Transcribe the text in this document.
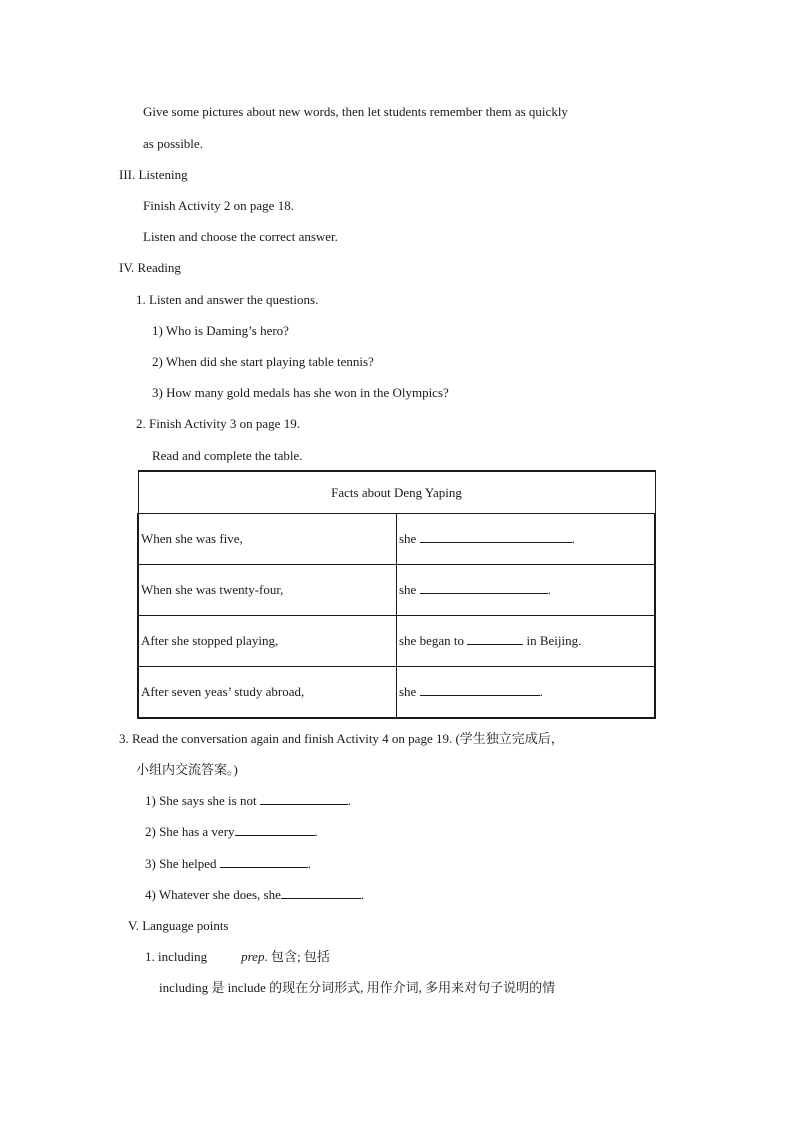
Give some pictures about new words, then let students remember them as quickly
as possible.
III. Listening
Finish Activity 2 on page 18.
Listen and choose the correct answer.
IV. Reading
1. Listen and answer the questions.
1) Who is Daming’s hero?
2) When did she start playing table tennis?
3) How many gold medals has she won in the Olympics?
2. Finish Activity 3 on page 19.
Read and complete the table.
Facts about Deng Yaping	
When she was five,	she .
When she was twenty-four,	she .
After she stopped playing,	she began to in Beijing.
After seven yeas’ study abroad,	she .
3. Read the conversation again and finish Activity 4 on page 19. (学生独立完成后，
小组内交流答案。)
1) She says she is not	.
2) She has a very	.
3) She helped	.
4) Whatever she does, she	.
V. Language points
1. including	prep. 包含; 包括
including 是 include 的现在分词形式, 用作介词, 多用来对句子说明的情
